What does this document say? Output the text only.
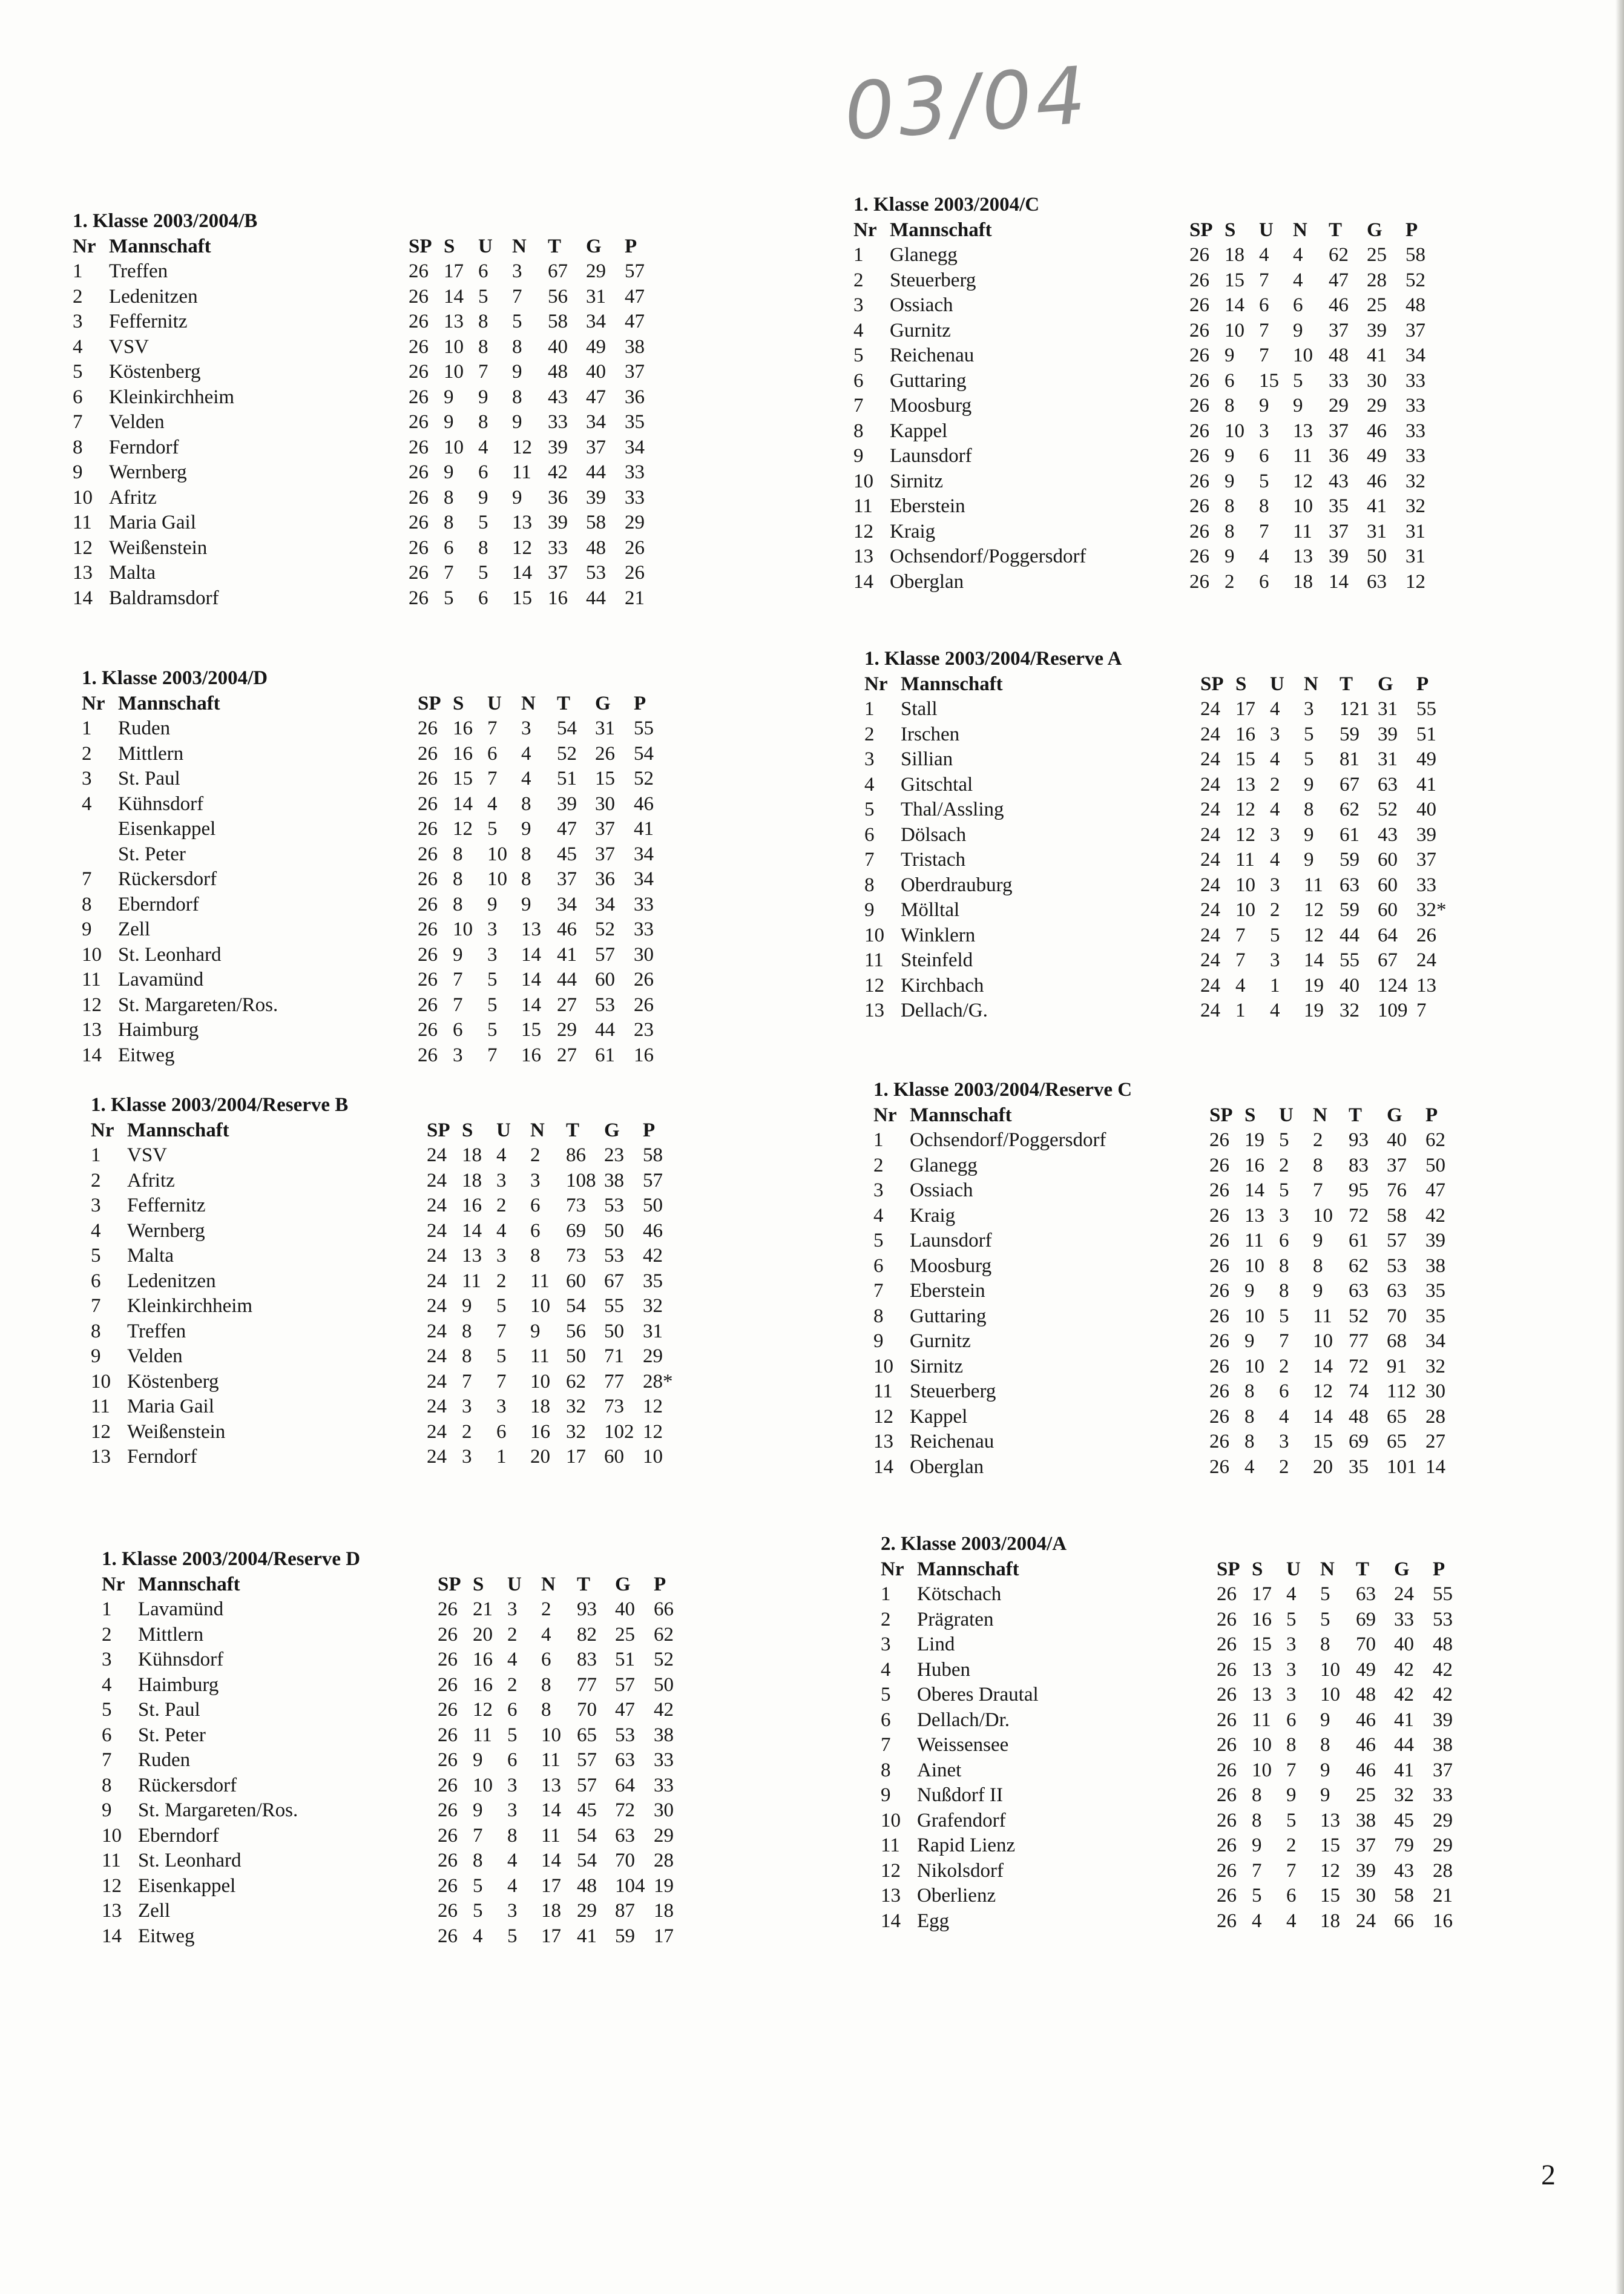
03/04
1. Klasse 2003/2004/B
Nr Mannschaft	SP S U N T G P
1 Treffen	26 17 6 3 67 29 57
2 Ledenitzen	26 14 5 7 56 31 47
3 Feffernitz	26 13 8 5 58 34 47
4 VSV	26 10 8 8 40 49 38
5 Köstenberg	26 10 7 9 48 40 37
6 Kleinkirchheim	26 9 9 8 43 47 36
7 Velden	26 9 8 9 33 34 35
8 Ferndorf	26 10 4 12 39 37 34
9 Wernberg	26 9 6 11 42 44 33
10 Afritz	26 8 9 9 36 39 33
11 Maria Gail	26 8 5 13 39 58 29
12 Weißenstein	26 6 8 12 33 48 26
13 Malta	26 7 5 14 37 53 26
14 Baldramsdorf	26 5 6 15 16 44 21
1. Klasse 2003/2004/C
Nr Mannschaft	SP S U N T G P
1 Glanegg	26 18 4 4 62 25 58
2 Steuerberg	26 15 7 4 47 28 52
3 Ossiach	26 14 6 6 46 25 48
4 Gurnitz	26 10 7 9 37 39 37
5 Reichenau	26 9 7 10 48 41 34
6 Guttaring	26 6 15 5 33 30 33
7 Moosburg	26 8 9 9 29 29 33
8 Kappel	26 10 3 13 37 46 33
9 Launsdorf	26 9 6 11 36 49 33
10 Sirnitz	26 9 5 12 43 46 32
11 Eberstein	26 8 8 10 35 41 32
12 Kraig	26 8 7 11 37 31 31
13 Ochsendorf/Poggersdorf	26 9 4 13 39 50 31
14 Oberglan	26 2 6 18 14 63 12
1. Klasse 2003/2004/D
Nr Mannschaft	SP S U N T G P
1 Ruden	26 16 7 3 54 31 55
2 Mittlern	26 16 6 4 52 26 54
3 St. Paul	26 15 7 4 51 15 52
4 Kühnsdorf	26 14 4 8 39 30 46
Eisenkappel	26 12 5 9 47 37 41
St. Peter	26 8 10 8 45 37 34
7 Rückersdorf	26 8 10 8 37 36 34
8 Eberndorf	26 8 9 9 34 34 33
9 Zell	26 10 3 13 46 52 33
10 St. Leonhard	26 9 3 14 41 57 30
11 Lavamünd	26 7 5 14 44 60 26
12 St. Margareten/Ros.	26 7 5 14 27 53 26
13 Haimburg	26 6 5 15 29 44 23
14 Eitweg	26 3 7 16 27 61 16
1. Klasse 2003/2004/Reserve A
Nr Mannschaft	SP S U N T G P
1 Stall	24 17 4 3 121 31 55
2 Irschen	24 16 3 5 59 39 51
3 Sillian	24 15 4 5 81 31 49
4 Gitschtal	24 13 2 9 67 63 41
5 Thal/Assling	24 12 4 8 62 52 40
6 Dölsach	24 12 3 9 61 43 39
7 Tristach	24 11 4 9 59 60 37
8 Oberdrauburg	24 10 3 11 63 60 33
9 Mölltal	24 10 2 12 59 60 32*
10 Winklern	24 7 5 12 44 64 26
11 Steinfeld	24 7 3 14 55 67 24
12 Kirchbach	24 4 1 19 40 124 13
13 Dellach/G.	24 1 4 19 32 109 7
1. Klasse 2003/2004/Reserve B
Nr Mannschaft	SP S U N T G P
1 VSV	24 18 4 2 86 23 58
2 Afritz	24 18 3 3 108 38 57
3 Feffernitz	24 16 2 6 73 53 50
4 Wernberg	24 14 4 6 69 50 46
5 Malta	24 13 3 8 73 53 42
6 Ledenitzen	24 11 2 11 60 67 35
7 Kleinkirchheim	24 9 5 10 54 55 32
8 Treffen	24 8 7 9 56 50 31
9 Velden	24 8 5 11 50 71 29
10 Köstenberg	24 7 7 10 62 77 28*
11 Maria Gail	24 3 3 18 32 73 12
12 Weißenstein	24 2 6 16 32 102 12
13 Ferndorf	24 3 1 20 17 60 10
1. Klasse 2003/2004/Reserve C
Nr Mannschaft	SP S U N T G P
1 Ochsendorf/Poggersdorf	26 19 5 2 93 40 62
2 Glanegg	26 16 2 8 83 37 50
3 Ossiach	26 14 5 7 95 76 47
4 Kraig	26 13 3 10 72 58 42
5 Launsdorf	26 11 6 9 61 57 39
6 Moosburg	26 10 8 8 62 53 38
7 Eberstein	26 9 8 9 63 63 35
8 Guttaring	26 10 5 11 52 70 35
9 Gurnitz	26 9 7 10 77 68 34
10 Sirnitz	26 10 2 14 72 91 32
11 Steuerberg	26 8 6 12 74 112 30
12 Kappel	26 8 4 14 48 65 28
13 Reichenau	26 8 3 15 69 65 27
14 Oberglan	26 4 2 20 35 101 14
1. Klasse 2003/2004/Reserve D
Nr Mannschaft	SP S U N T G P
1 Lavamünd	26 21 3 2 93 40 66
2 Mittlern	26 20 2 4 82 25 62
3 Kühnsdorf	26 16 4 6 83 51 52
4 Haimburg	26 16 2 8 77 57 50
5 St. Paul	26 12 6 8 70 47 42
6 St. Peter	26 11 5 10 65 53 38
7 Ruden	26 9 6 11 57 63 33
8 Rückersdorf	26 10 3 13 57 64 33
9 St. Margareten/Ros.	26 9 3 14 45 72 30
10 Eberndorf	26 7 8 11 54 63 29
11 St. Leonhard	26 8 4 14 54 70 28
12 Eisenkappel	26 5 4 17 48 104 19
13 Zell	26 5 3 18 29 87 18
14 Eitweg	26 4 5 17 41 59 17
2. Klasse 2003/2004/A
Nr Mannschaft	SP S U N T G P
1 Kötschach	26 17 4 5 63 24 55
2 Prägraten	26 16 5 5 69 33 53
3 Lind	26 15 3 8 70 40 48
4 Huben	26 13 3 10 49 42 42
5 Oberes Drautal	26 13 3 10 48 42 42
6 Dellach/Dr.	26 11 6 9 46 41 39
7 Weissensee	26 10 8 8 46 44 38
8 Ainet	26 10 7 9 46 41 37
9 Nußdorf II	26 8 9 9 25 32 33
10 Grafendorf	26 8 5 13 38 45 29
11 Rapid Lienz	26 9 2 15 37 79 29
12 Nikolsdorf	26 7 7 12 39 43 28
13 Oberlienz	26 5 6 15 30 58 21
14 Egg	26 4 4 18 24 66 16
2
